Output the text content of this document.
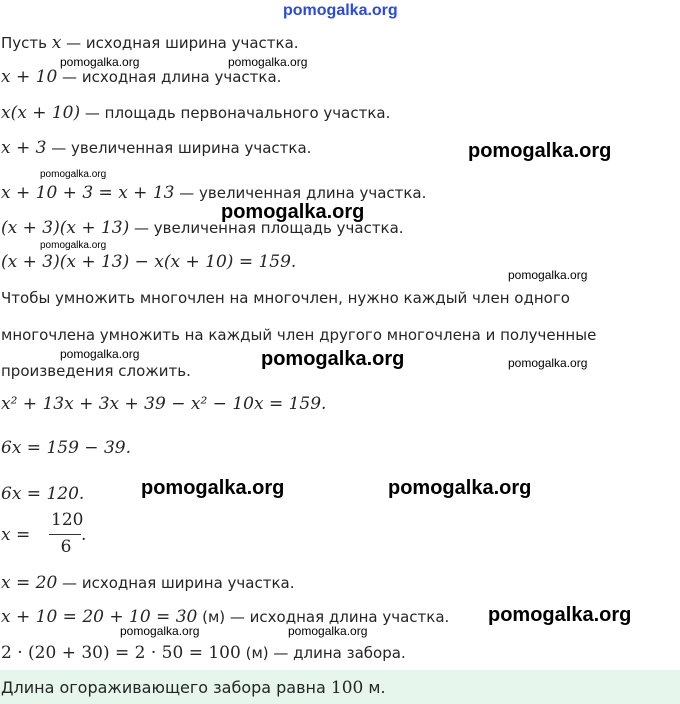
pomogalka.org
Пусть x — исходная ширина участка.
x + 10 — исходная длина участка.
x(x + 10) — площадь первоначального участка.
x + 3 — увеличенная ширина участка.
x + 10 + 3 = x + 13 — увеличенная длина участка.
(x + 3)(x + 13) — увеличенная площадь участка.
(x + 3)(x + 13) − x(x + 10) = 159.
Чтобы умножить многочлен на многочлен, нужно каждый член одного
многочлена умножить на каждый член другого многочлена и полученные
произведения сложить.
x² + 13x + 3x + 39 − x² − 10x = 159.
6x = 159 − 39.
6x = 120.
x =
120
6
.
x = 20 — исходная ширина участка.
x + 10 = 20 + 10 = 30 (м) — исходная длина участка.
2 · (20 + 30) = 2 · 50 = 100 (м) — длина забора.
Длина огораживающего забора равна 100 м.
pomogalka.org	pomogalka.org
pomogalka.org
pomogalka.org
pomogalka.org
pomogalka.org
pomogalka.org
pomogalka.org	pomogalka.org	pomogalka.org
pomogalka.org	pomogalka.org
pomogalka.org
pomogalka.org	pomogalka.org
